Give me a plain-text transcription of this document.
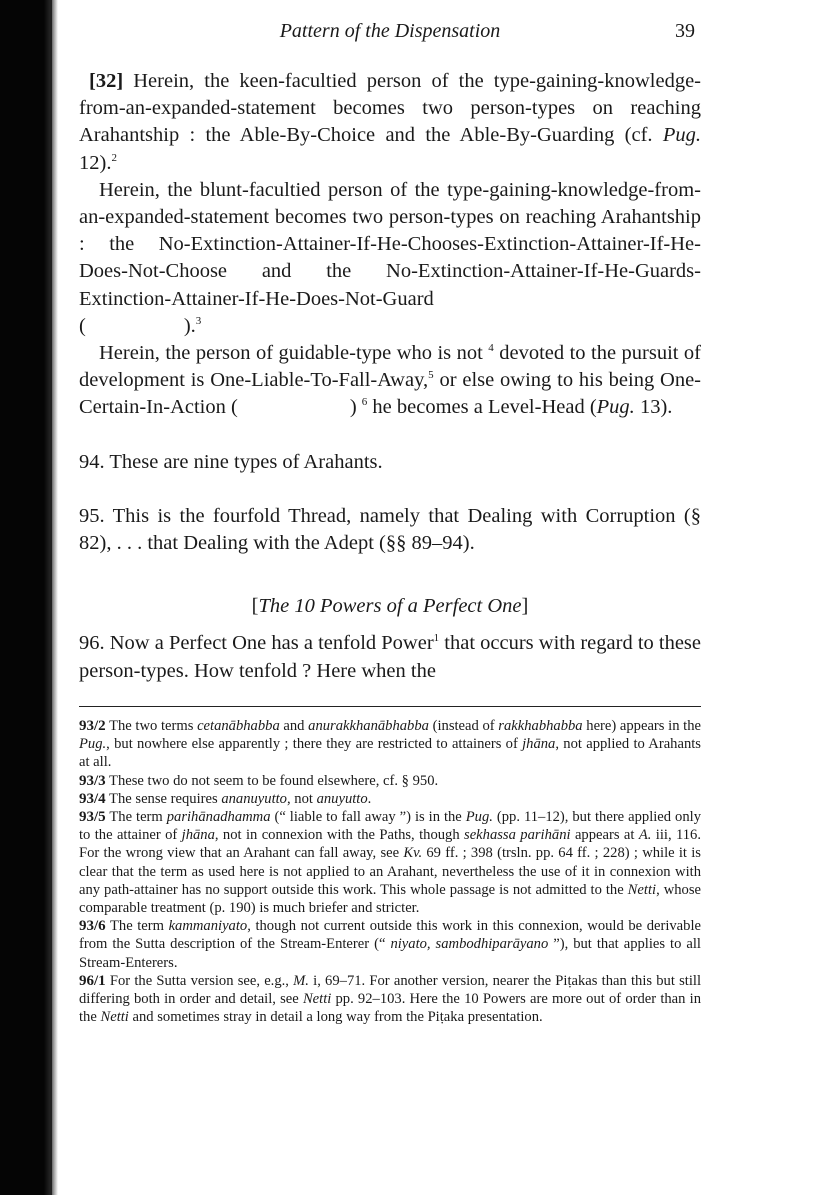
Pattern of the Dispensation	39

[32] Herein, the keen-facultied person of the type-gaining-knowledge-from-an-expanded-statement becomes two person-types on reaching Arahantship : the Able-By-Choice and the Able-By-Guarding (cf. Pug. 12).$^2$

Herein, the blunt-facultied person of the type-gaining-knowledge-from-an-expanded-statement becomes two person-types on reaching Arahantship : the No-Extinction-Attainer-If-He-Chooses-Extinction-Attainer-If-He-Does-Not-Choose and the No-Extinction-Attainer-If-He-Guards-Extinction-Attainer-If-He-Does-Not-Guard

(	).$^3$

Herein, the person of guidable-type who is not $^4$ devoted to the pursuit of development is One-Liable-To-Fall-Away,$^5$ or else owing to his being One-Certain-In-Action (	) $^6$ he becomes a Level-Head (Pug. 13).

94. These are nine types of Arahants.

95. This is the fourfold Thread, namely that Dealing with Corruption (§ 82), . . . that Dealing with the Adept (§§ 89–94).

[The 10 Powers of a Perfect One]

96. Now a Perfect One has a tenfold Power$^1$ that occurs with regard to these person-types. How tenfold ? Here when the

93/2 The two terms cetanābhabba and anurakkhanābhabba (instead of rakkhabhabba here) appears in the Pug., but nowhere else apparently ; there they are restricted to attainers of jhāna, not applied to Arahants at all.

93/3 These two do not seem to be found elsewhere, cf. § 950.

93/4 The sense requires ananuyutto, not anuyutto.

93/5 The term parihānadhamma (“ liable to fall away ”) is in the Pug. (pp. 11–12), but there applied only to the attainer of jhāna, not in connexion with the Paths, though sekhassa parihāni appears at A. iii, 116. For the wrong view that an Arahant can fall away, see Kv. 69 ff. ; 398 (trsln. pp. 64 ff. ; 228) ; while it is clear that the term as used here is not applied to an Arahant, nevertheless the use of it in connexion with any path-attainer has no support outside this work. This whole passage is not admitted to the Netti, whose comparable treatment (p. 190) is much briefer and stricter.

93/6 The term kammaniyato, though not current outside this work in this connexion, would be derivable from the Sutta description of the Stream-Enterer (“ niyato, sambodhiparāyano ”), but that applies to all Stream-Enterers.

96/1 For the Sutta version see, e.g., M. i, 69–71. For another version, nearer the Piṭakas than this but still differing both in order and detail, see Netti pp. 92–103. Here the 10 Powers are more out of order than in the Netti and sometimes stray in detail a long way from the Piṭaka presentation.
